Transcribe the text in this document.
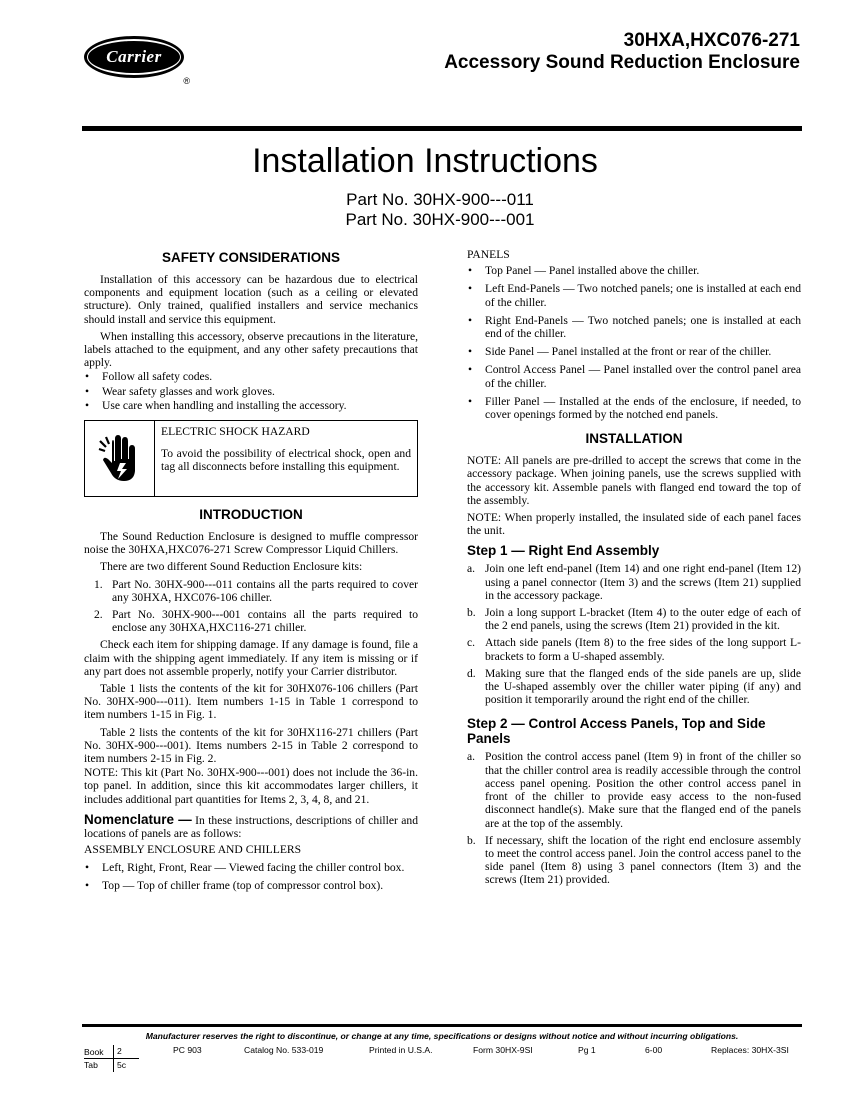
Carrier
®
30HXA,HXC076-271
Accessory Sound Reduction Enclosure
Installation Instructions
Part No. 30HX-900---011
Part No. 30HX-900---001
SAFETY CONSIDERATIONS

Installation of this accessory can be hazardous due to electrical components and equipment location (such as a ceiling or elevated structure). Only trained, qualified installers and service mechanics should install and service this equipment.

When installing this accessory, observe precautions in the literature, labels attached to the equipment, and any other safety precautions that apply.

• Follow all safety codes.
• Wear safety glasses and work gloves.
• Use care when handling and installing the accessory.
ELECTRIC SHOCK HAZARD

To avoid the possibility of electrical shock, open and tag all disconnects before installing this equipment.

INTRODUCTION

The Sound Reduction Enclosure is designed to muffle compressor noise the 30HXA,HXC076-271 Screw Compressor Liquid Chillers.

There are two different Sound Reduction Enclosure kits:

1. Part No. 30HX-900---011 contains all the parts required to cover any 30HXA, HXC076-106 chiller.
2. Part No. 30HX-900---001 contains all the parts required to enclose any 30HXA,HXC116-271 chiller.

Check each item for shipping damage. If any damage is found, file a claim with the shipping agent immediately. If any item is missing or if any part does not assemble properly, notify your Carrier distributor.

Table 1 lists the contents of the kit for 30HX076-106 chillers (Part No. 30HX-900---011). Item numbers 1-15 in Table 1 correspond to item numbers 1-15 in Fig. 1.

Table 2 lists the contents of the kit for 30HX116-271 chillers (Part No. 30HX-900---001). Items numbers 2-15 in Table 2 correspond to item numbers 2-15 in Fig. 2.

NOTE: This kit (Part No. 30HX-900---001) does not include the 36-in. top panel. In addition, since this kit accommodates larger chillers, it includes additional part quantities for Items 2, 3, 4, 8, and 21.

Nomenclature — In these instructions, descriptions of chiller and locations of panels are as follows:

ASSEMBLY ENCLOSURE AND CHILLERS

• Left, Right, Front, Rear — Viewed facing the chiller control box.
• Top — Top of chiller frame (top of compressor control box).

PANELS

• Top Panel — Panel installed above the chiller.
• Left End-Panels — Two notched panels; one is installed at each end of the chiller.
• Right End-Panels — Two notched panels; one is installed at each end of the chiller.
• Side Panel — Panel installed at the front or rear of the chiller.
• Control Access Panel — Panel installed over the control panel area of the chiller.
• Filler Panel — Installed at the ends of the enclosure, if needed, to cover openings formed by the notched end panels.
INSTALLATION

NOTE: All panels are pre-drilled to accept the screws that come in the accessory package. When joining panels, use the screws supplied with the accessory kit. Assemble panels with flanged end toward the top of the assembly.

NOTE: When properly installed, the insulated side of each panel faces the unit.

Step 1 — Right End Assembly
a. Join one left end-panel (Item 14) and one right end-panel (Item 12) using a panel connector (Item 3) and the screws (Item 21) supplied in the accessory package.
b. Join a long support L-bracket (Item 4) to the outer edge of each of the 2 end panels, using the screws (Item 21) provided in the kit.
c. Attach side panels (Item 8) to the free sides of the long support L-brackets to form a U-shaped assembly.
d. Making sure that the flanged ends of the side panels are up, slide the U-shaped assembly over the chiller water piping (if any) and position it temporarily around the right end of the chiller.
Step 2 — Control Access Panels, Top and Side Panels
a. Position the control access panel (Item 9) in front of the chiller so that the chiller control area is readily accessible through the control access panel opening. Position the other control access panel in front of the chiller to provide easy access to the non-fused disconnect handle(s). Make sure that the flanged end of the panels are at the top of the assembly.
b. If necessary, shift the location of the right end enclosure assembly to meet the control access panel. Join the control access panel to the side panel (Item 8) using 3 panel connectors (Item 3) and the screws (Item 21) provided.
Manufacturer reserves the right to discontinue, or change at any time, specifications or designs without notice and without incurring obligations.
Book	2
Tab	5c
PC 903	Catalog No. 533-019	Printed in U.S.A.	Form 30HX-9SI	Pg 1	6-00	Replaces: 30HX-3SI
